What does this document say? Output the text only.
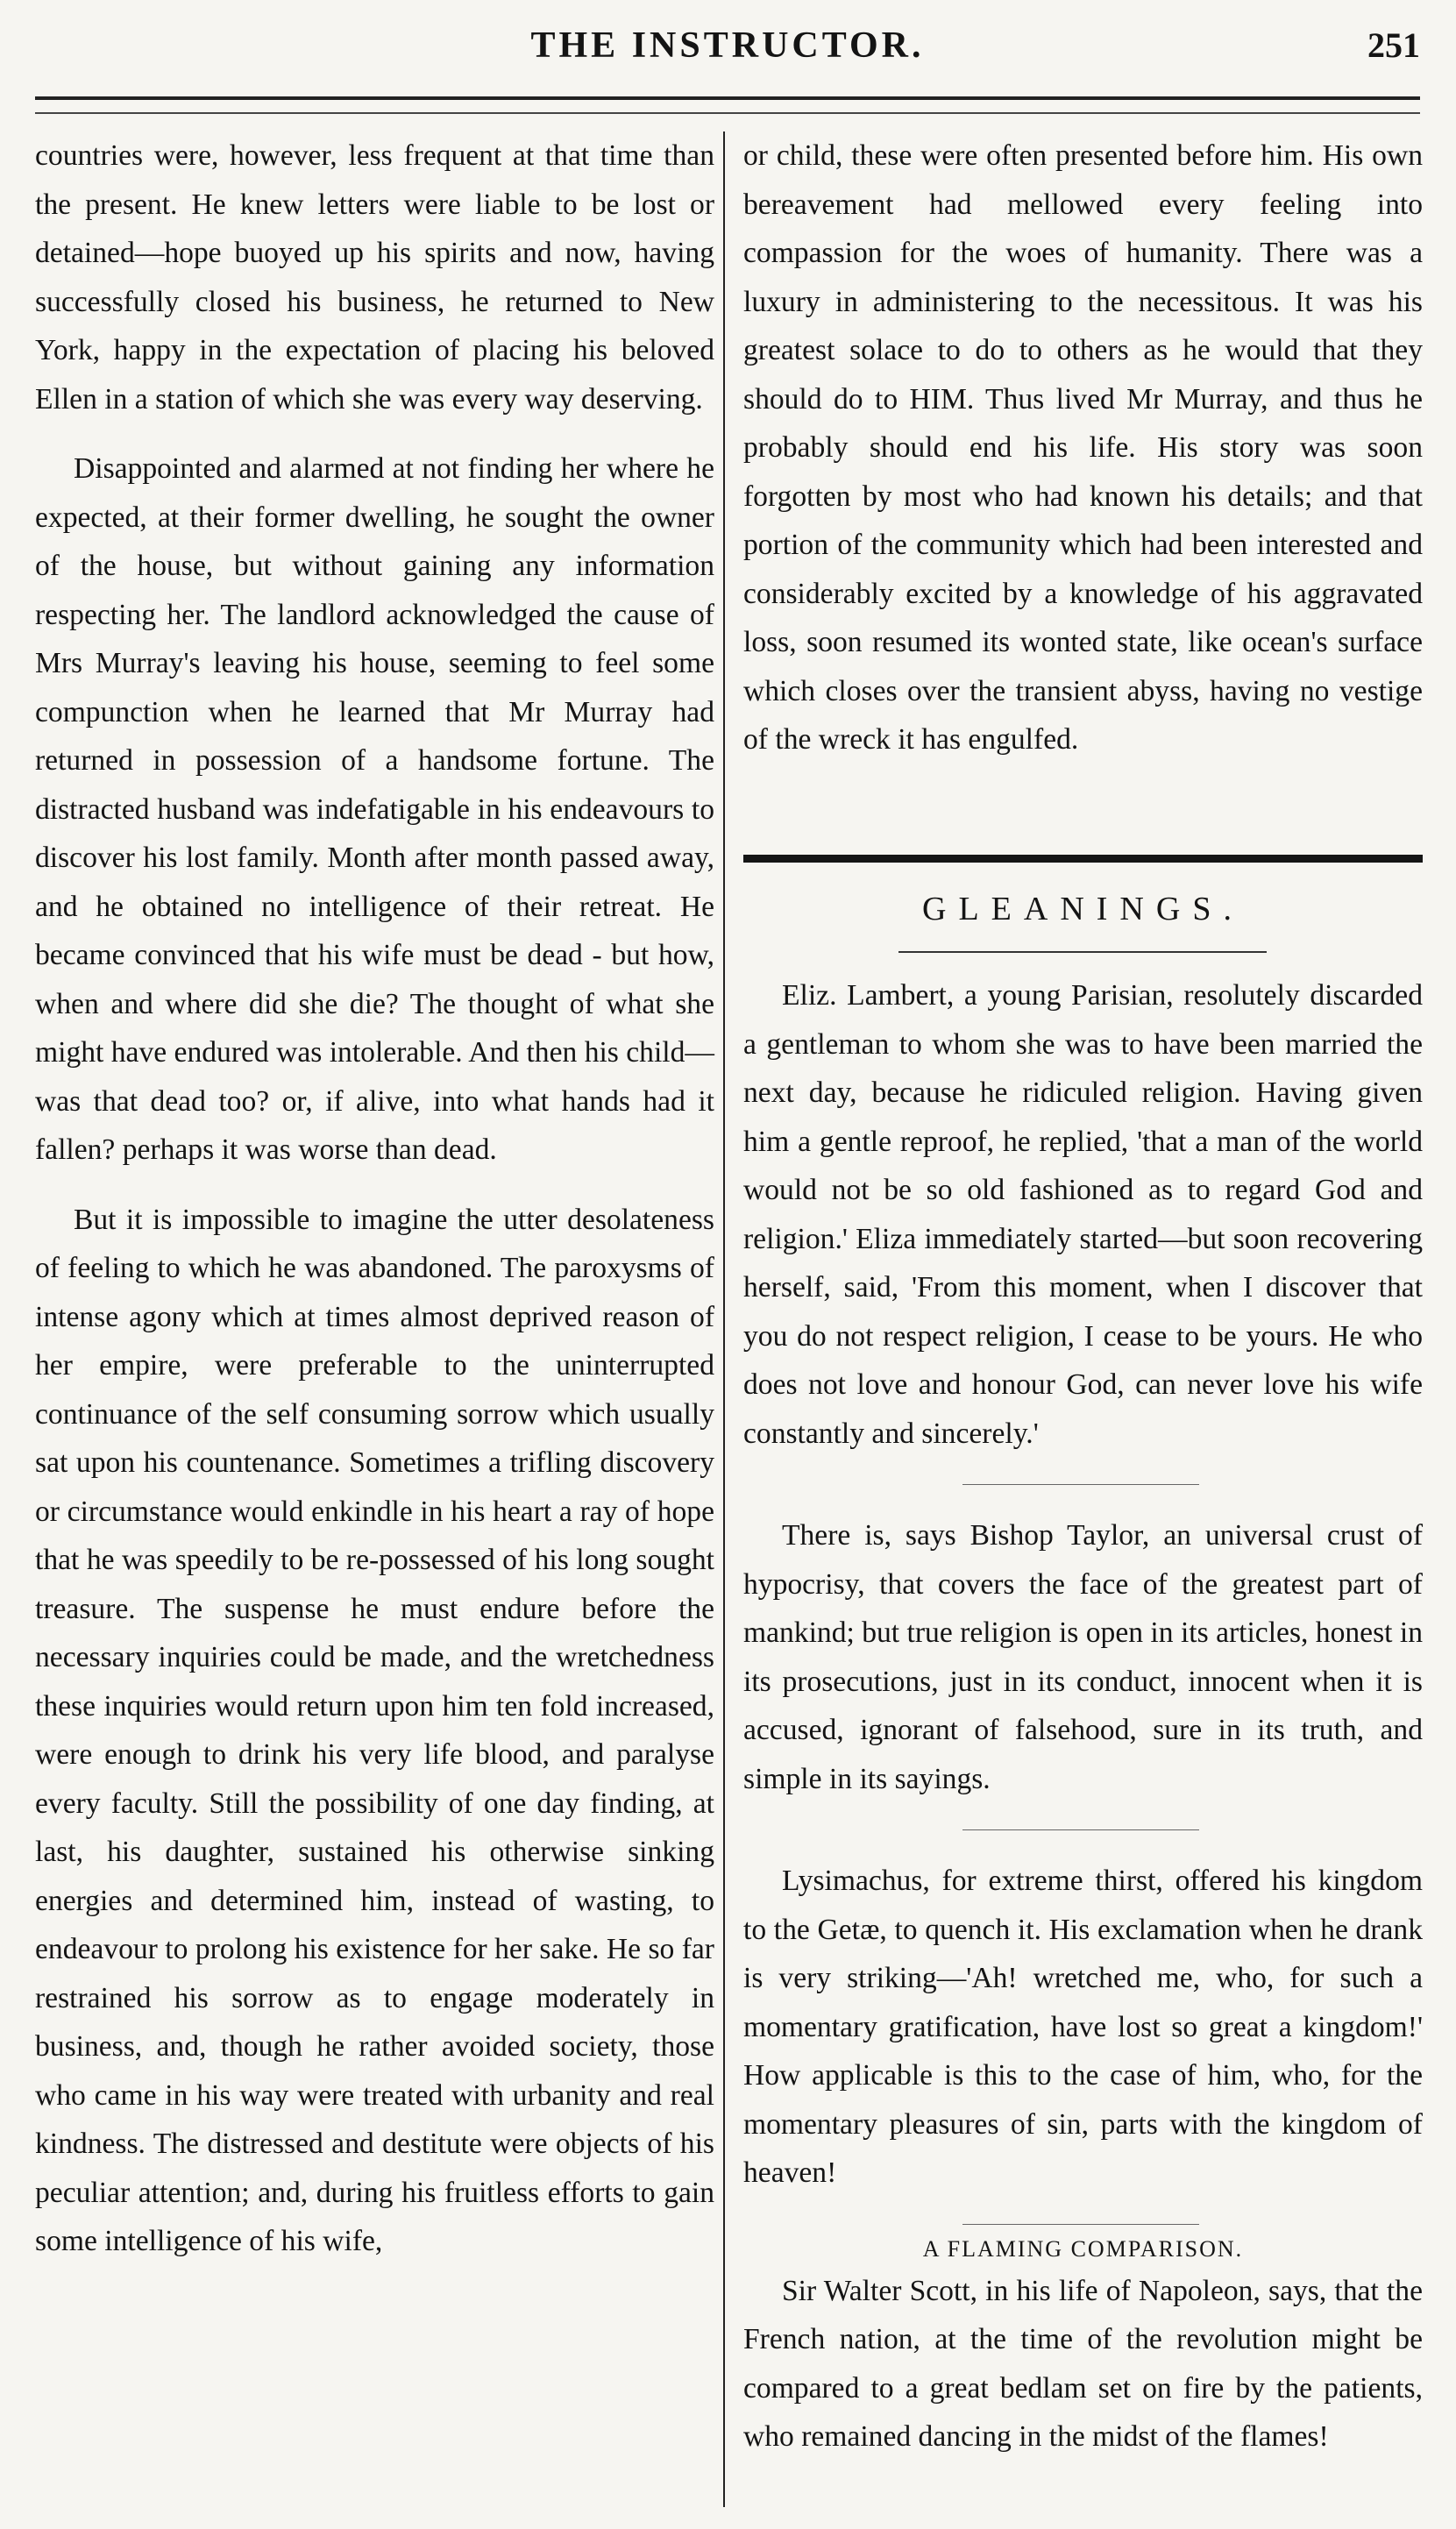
THE INSTRUCTOR.	251

countries were, however, less frequent at that time than the present. He knew letters were liable to be lost or detained—hope buoyed up his spirits and now, having successfully closed his business, he returned to New York, happy in the expectation of placing his beloved Ellen in a station of which she was every way deserving.

Disappointed and alarmed at not finding her where he expected, at their former dwelling, he sought the owner of the house, but without gaining any information respecting her. The landlord acknowledged the cause of Mrs Murray's leaving his house, seeming to feel some compunction when he learned that Mr Murray had returned in possession of a handsome fortune. The distracted husband was indefatigable in his endeavours to discover his lost family. Month after month passed away, and he obtained no intelligence of their retreat. He became convinced that his wife must be dead - but how, when and where did she die? The thought of what she might have endured was intolerable. And then his child—was that dead too? or, if alive, into what hands had it fallen? perhaps it was worse than dead.

But it is impossible to imagine the utter desolateness of feeling to which he was abandoned. The paroxysms of intense agony which at times almost deprived reason of her empire, were preferable to the uninterrupted continuance of the self consuming sorrow which usually sat upon his countenance. Sometimes a trifling discovery or circumstance would enkindle in his heart a ray of hope that he was speedily to be re-possessed of his long sought treasure. The suspense he must endure before the necessary inquiries could be made, and the wretchedness these inquiries would return upon him ten fold increased, were enough to drink his very life blood, and paralyse every faculty. Still the possibility of one day finding, at last, his daughter, sustained his otherwise sinking energies and determined him, instead of wasting, to endeavour to prolong his existence for her sake. He so far restrained his sorrow as to engage moderately in business, and, though he rather avoided society, those who came in his way were treated with urbanity and real kindness. The distressed and destitute were objects of his peculiar attention; and, during his fruitless efforts to gain some intelligence of his wife,

or child, these were often presented before him. His own bereavement had mellowed every feeling into compassion for the woes of humanity. There was a luxury in administering to the necessitous. It was his greatest solace to do to others as he would that they should do to HIM. Thus lived Mr Murray, and thus he probably should end his life. His story was soon forgotten by most who had known his details; and that portion of the community which had been interested and considerably excited by a knowledge of his aggravated loss, soon resumed its wonted state, like ocean's surface which closes over the transient abyss, having no vestige of the wreck it has engulfed.

GLEANINGS.

Eliz. Lambert, a young Parisian, resolutely discarded a gentleman to whom she was to have been married the next day, because he ridiculed religion. Having given him a gentle reproof, he replied, 'that a man of the world would not be so old fashioned as to regard God and religion.' Eliza immediately started—but soon recovering herself, said, 'From this moment, when I discover that you do not respect religion, I cease to be yours. He who does not love and honour God, can never love his wife constantly and sincerely.'

There is, says Bishop Taylor, an universal crust of hypocrisy, that covers the face of the greatest part of mankind; but true religion is open in its articles, honest in its prosecutions, just in its conduct, innocent when it is accused, ignorant of falsehood, sure in its truth, and simple in its sayings.

Lysimachus, for extreme thirst, offered his kingdom to the Getæ, to quench it. His exclamation when he drank is very striking—'Ah! wretched me, who, for such a momentary gratification, have lost so great a kingdom!' How applicable is this to the case of him, who, for the momentary pleasures of sin, parts with the kingdom of heaven!

A FLAMING COMPARISON.

Sir Walter Scott, in his life of Napoleon, says, that the French nation, at the time of the revolution might be compared to a great bedlam set on fire by the patients, who remained dancing in the midst of the flames!
